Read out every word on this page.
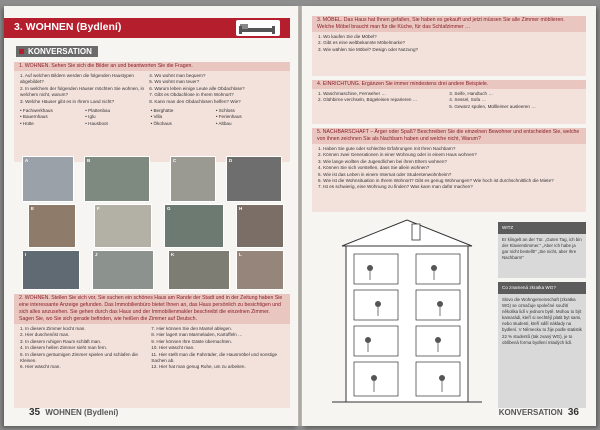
3. WOHNEN (Bydlení)
KONVERSATION
1. WOHNEN. Sehen Sie sich die Bilder an und beantworten Sie die Fragen.
1. Auf welchen Bildern werden die folgenden Haustypen abgebildet?
2. In welchem der folgenden Häuser möchten Sie wohnen, in welchem nicht, warum?
3. Welche Häuser gibt es in Ihrem Land nicht?

4. Wo wohnt man bequem?
5. Wo wohnt man teuer?
6. Warum leben einige Leute alle Obdachlose?
7. Gibt es Obdachlose in Ihrem Wohnort?
8. Kann man den Obdachlosen helfen? Wie?
• Fachwerkhaus
• Bauernhaus
• Hütte

• Plattenbau
• Iglu
• Hausboot

• Berghütte
• Villa
• Ökohaus

• Schloss
• Ferienhaus
• Altbau
A	B	C	D
E	F	G	H
I	J	K	L
2. WOHNEN. Stellen Sie sich vor, Sie suchen ein schönes Haus am Rande der Stadt und in der Zeitung haben Sie eine interessante Anzeige gefunden. Das Immobilienbüro bietet Ihnen an, das Haus persönlich zu besichtigen und sich alles anzusehen. Sie gehen durch das Haus und der Immobilienmakler beschreibt die einzelnen Zimmer. Sagen Sie, wo Sie sich gerade befinden, wie heißen die Zimmer auf Deutsch.
1. In diesem Zimmer kocht man.
2. Hier duschen/ist man.
3. In diesem ruhigen Raum schläft man.
4. In diesem hellen Zimmer sieht man fern.
5. In diesem geräumigen Zimmer spielen und schlafen die Kleinen.
6. Hier wäscht man.

7. Hier können Sie den Mantel ablegen.
8. Hier lagert man Marmeladen, Kartoffeln …
9. Hier können Ihre Gäste übernachten.
10. Hier wäscht man.
11. Hier stellt man die Fahrräder, die Hausmöbel und sonstige Sachen ab.
12. Hier hat man genug Ruhe, um zu arbeiten.
35 WOHNEN (Bydlení)
3. MÖBEL. Das Haus hat Ihnen gefallen, Sie haben es gekauft und jetzt müssen Sie alle Zimmer möblieren. Welche Möbel braucht man für die Küche, für das Schlafzimmer …
1. Wo kaufen Sie die Möbel?
2. Gibt es eine weltbekannte Möbelmarke?
3. Wie wählen Sie Möbel? Design oder Nutzung?
4. EINRICHTUNG. Ergänzen Sie immer mindestens drei andere Beispiele.
1. Waschmaschine, Fernseher …
2. Glühbirne verchseln, Bügeleisen reparieren …

3. Seife, Handtuch …
4. Sessel, Sofa …
5. Gewürz spülen, Müllleimer ausleeren …
5. NACHBARSCHAFT – Ärger oder Spaß? Beschreiben Sie die einzelnen Bewohner und entscheiden Sie, welche von ihnen zeichnen Sie als Nachbarn haben und welche nicht, Warum?
1. Haben Sie gute oder schlechte Erfahrungen mit Ihren Nachbarn?
2. Können zwei Generationen in einer Wohnung oder in einem Haus wohnen?
3. Wie lange wollten die Jugendlichen bei ihren Eltern wohnen?
4. Können Sie sich vorstellen, dass Sie allein wohnen?
5. Wie ist das Leben in einem Internat oder Studentenwohnheim?
6. Wie ist die Wohnsituation in Ihrem Wohnort? Gibt es genug Wohnungen? Wie hoch ist durchschnittlich die Miete?
7. Ist es schwierig, eine Wohnung zu finden? Was kann man dafür machen?
WITZ
Er klingelt an der Tür. „Guten Tag, ich bin der Klavierstimmer.“ „Aber Ich habe ja gar nicht bestellt!“ „Sie nicht, aber Ihre Nachbarn!“
Co znamená zkratka WG?
Slovo die Wohngemeinschaft (zkratka WG) se označuje společné soužití několika lidí v jednom bytě. Mohou to být kamarádi, kteří si nechtějí platit byt sami, nebo studenti, kteří sdílí náklady na bydlení. V Německu to žije podle statistik 22 % studentů (tak zvaný WG), je to oblíbená forma bydlení mladých lidí.
KONVERSATION 36
